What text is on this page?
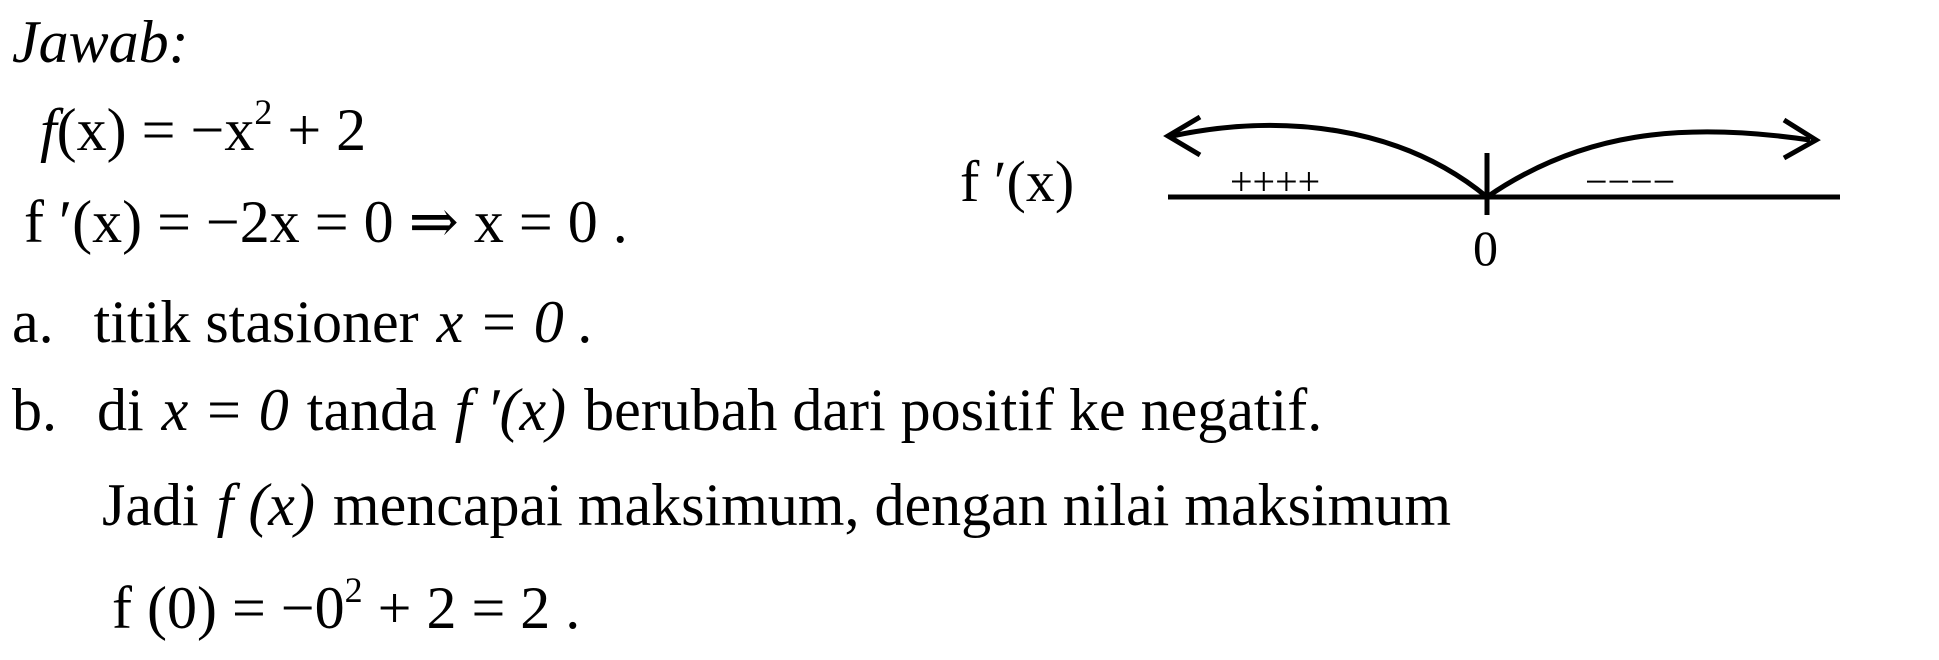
Jawab:
$f(x) = -x^2 + 2$
f ′(x) = −2x = 0 ⇒ x = 0 .
f ′(x)	++++	−−−−
0
a. titik stasioner x = 0 .
b. di x = 0 tanda f ′(x) berubah dari positif ke negatif.
Jadi f (x) mencapai maksimum, dengan nilai maksimum
f $(0) = -0^2 + 2 = 2$ .
